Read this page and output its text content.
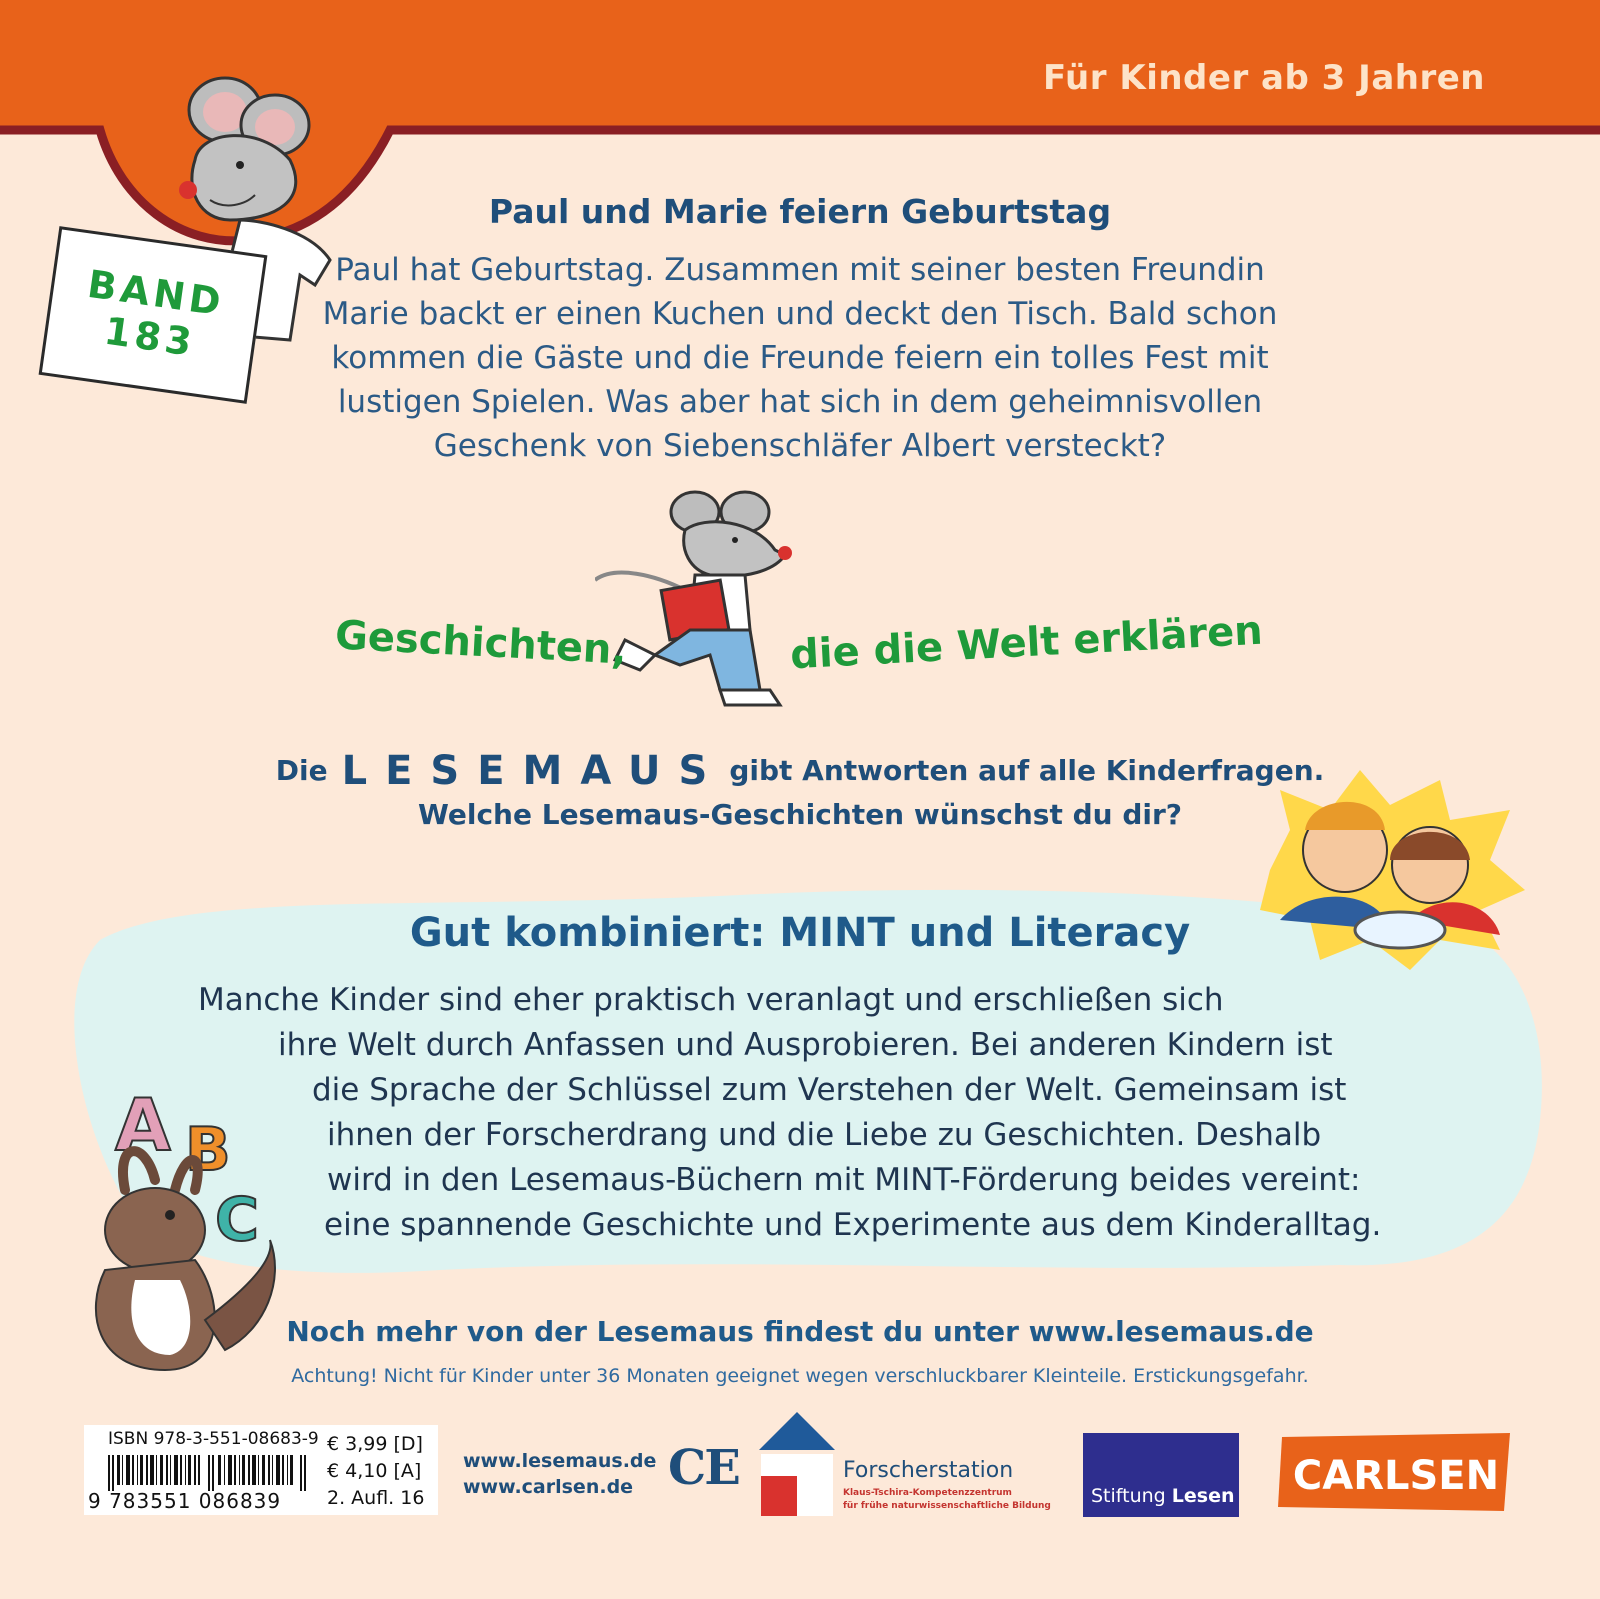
Für Kinder ab 3 Jahren
BAND
183
Paul und Marie feiern Geburtstag
Paul hat Geburtstag. Zusammen mit seiner besten Freundin
Marie backt er einen Kuchen und deckt den Tisch. Bald schon
kommen die Gäste und die Freunde feiern ein tolles Fest mit
lustigen Spielen. Was aber hat sich in dem geheimnisvollen
Geschenk von Siebenschläfer Albert versteckt?
Geschichten,	die die Welt erklären
Die LESEMAUS gibt Antworten auf alle Kinderfragen.
Welche Lesemaus-Geschichten wünschst du dir?
Gut kombiniert: MINT und Literacy
Manche Kinder sind eher praktisch veranlagt und erschließen sich
ihre Welt durch Anfassen und Ausprobieren. Bei anderen Kindern ist
die Sprache der Schlüssel zum Verstehen der Welt. Gemeinsam ist
ihnen der Forscherdrang und die Liebe zu Geschichten. Deshalb
wird in den Lesemaus-Büchern mit MINT-Förderung beides vereint:
eine spannende Geschichte und Experimente aus dem Kinderalltag.
A B
C
Noch mehr von der Lesemaus findest du unter www.lesemaus.de
Achtung! Nicht für Kinder unter 36 Monaten geeignet wegen verschluckbarer Kleinteile. Erstickungsgefahr.
ISBN 978-3-551-08683-9
9 783551 086839
€ 3,99 [D]
€ 4,10 [A]
2. Aufl. 16
www.lesemaus.de
www.carlsen.de CE	Forscherstation
Klaus-Tschira-Kompetenzzentrum
für frühe naturwissenschaftliche Bildung Stiftung Lesen CARLSEN
